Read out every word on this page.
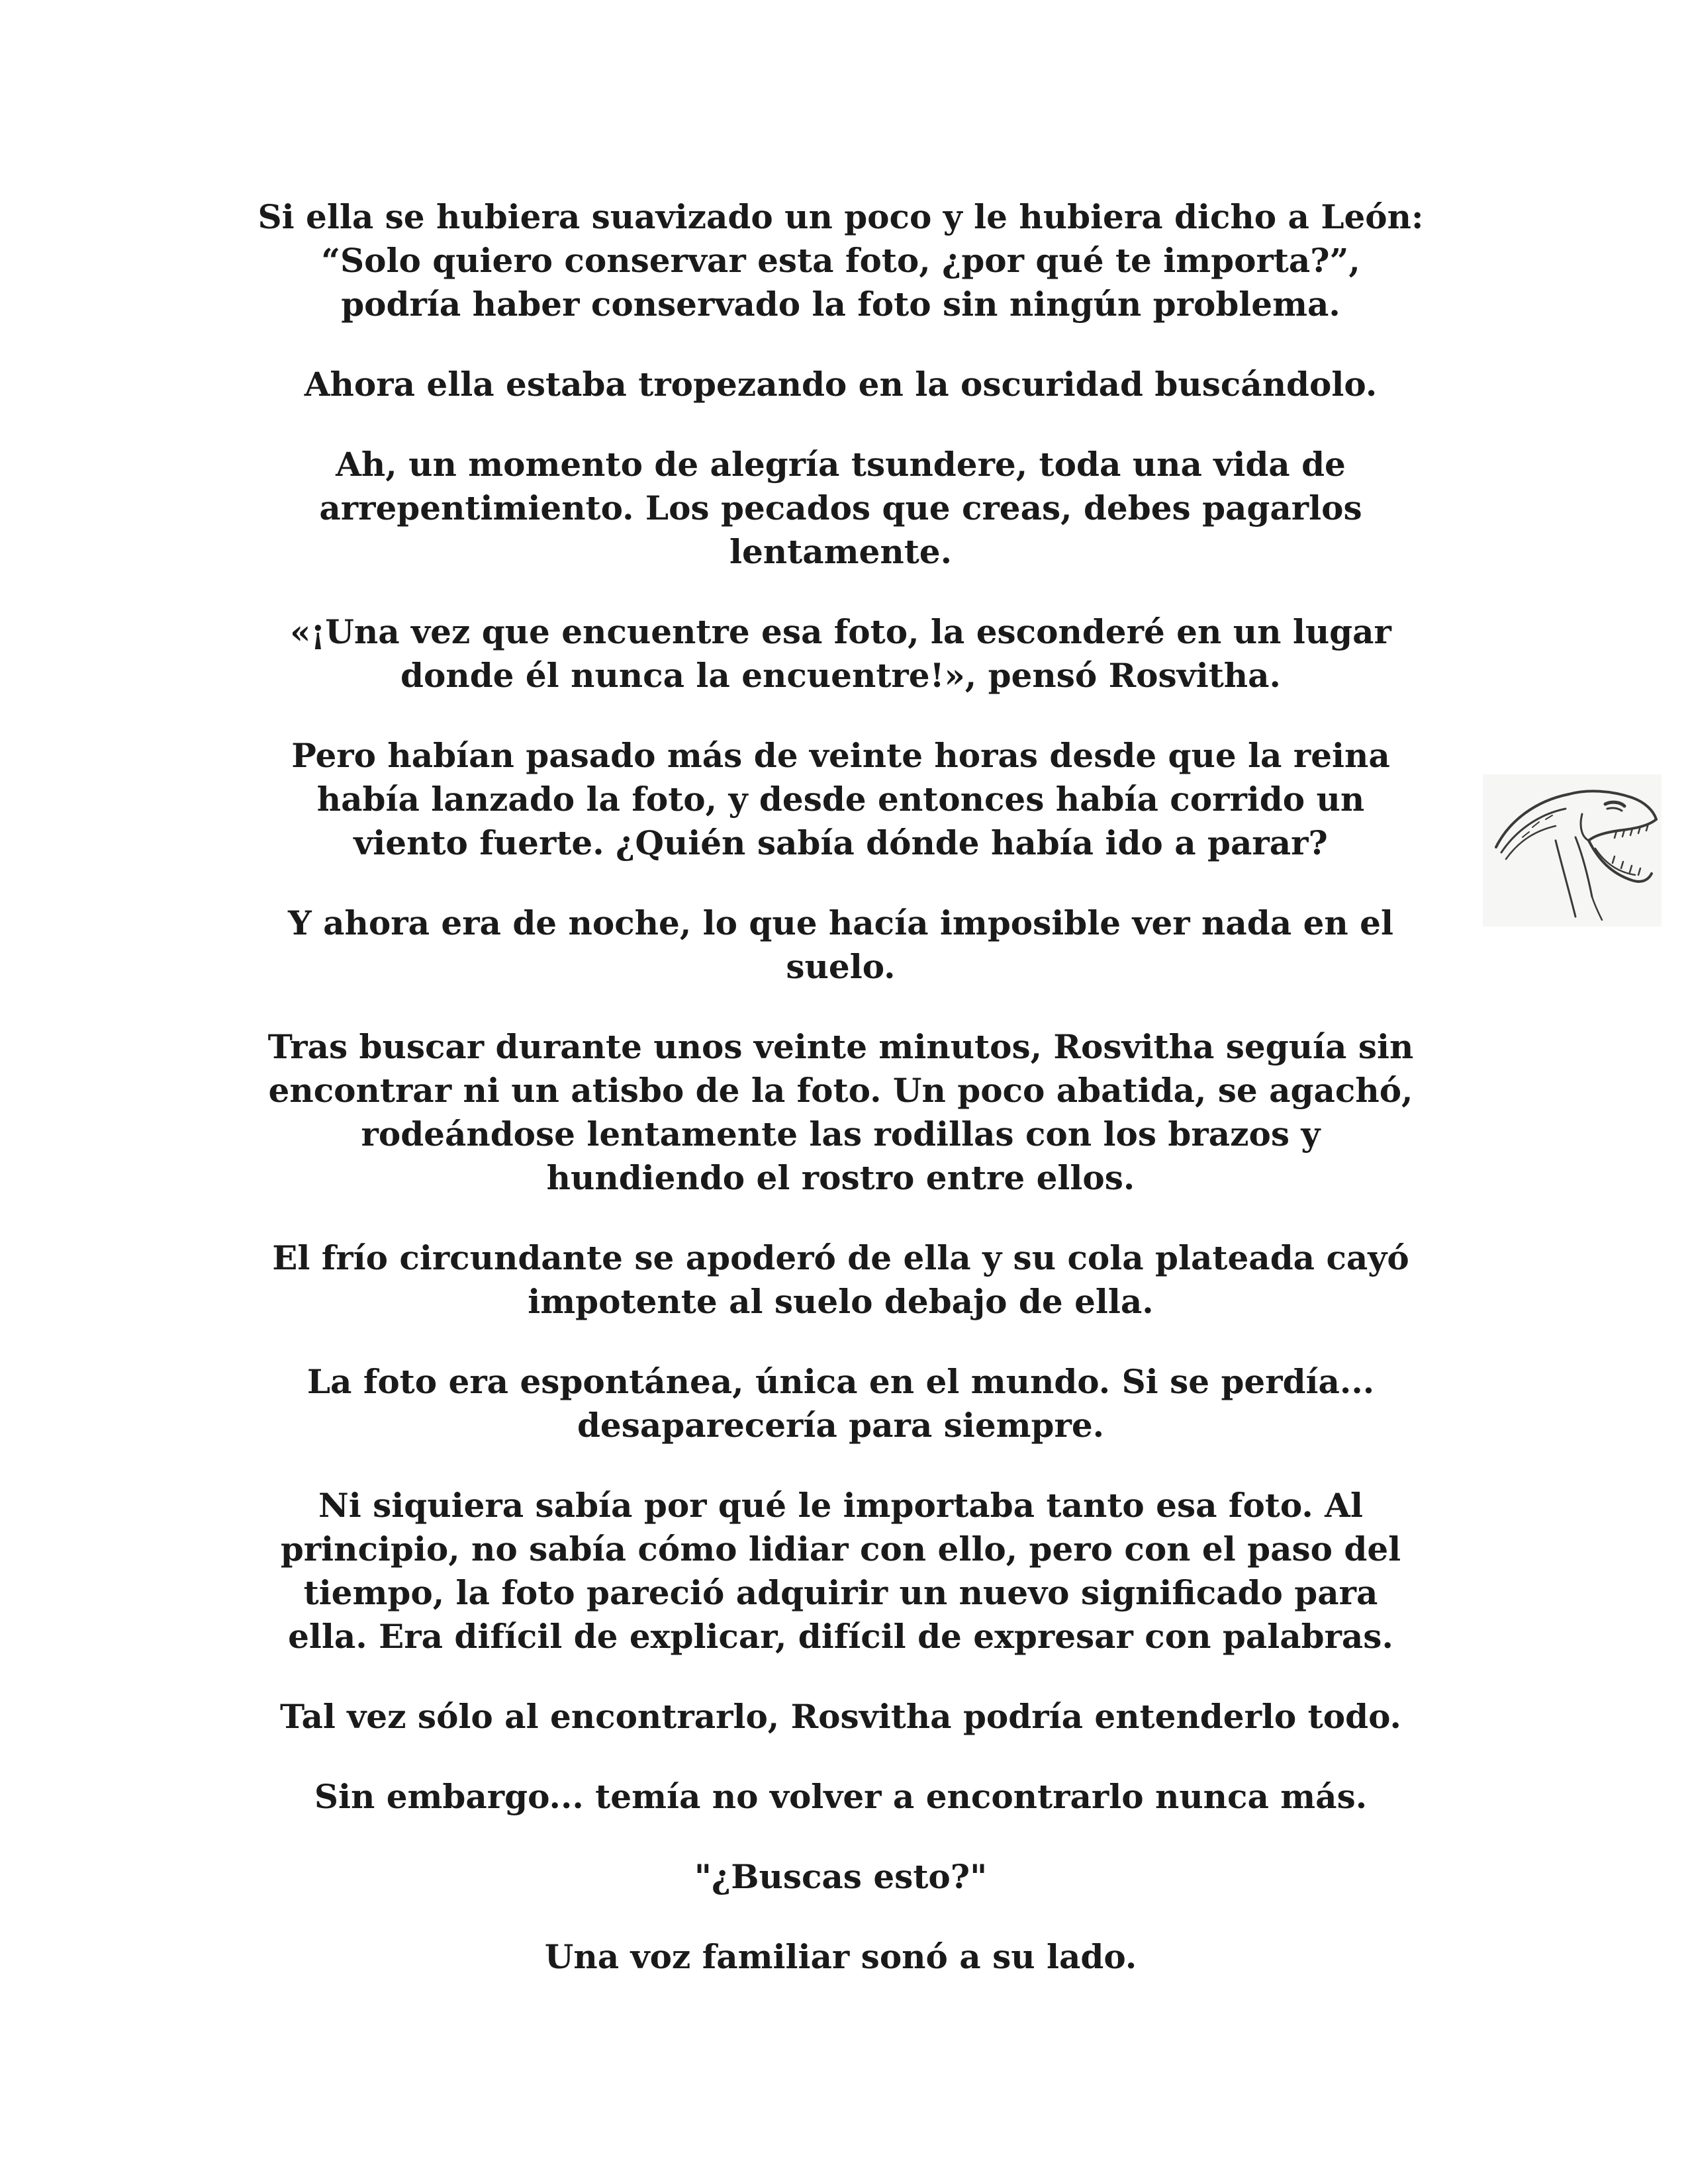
Si ella se hubiera suavizado un poco y le hubiera dicho a León:
“Solo quiero conservar esta foto, ¿por qué te importa?”,
podría haber conservado la foto sin ningún problema.

Ahora ella estaba tropezando en la oscuridad buscándolo.

Ah, un momento de alegría tsundere, toda una vida de
arrepentimiento. Los pecados que creas, debes pagarlos
lentamente.

«¡Una vez que encuentre esa foto, la esconderé en un lugar
donde él nunca la encuentre!», pensó Rosvitha.

Pero habían pasado más de veinte horas desde que la reina
había lanzado la foto, y desde entonces había corrido un
viento fuerte. ¿Quién sabía dónde había ido a parar?

Y ahora era de noche, lo que hacía imposible ver nada en el
suelo.

Tras buscar durante unos veinte minutos, Rosvitha seguía sin
encontrar ni un atisbo de la foto. Un poco abatida, se agachó,
rodeándose lentamente las rodillas con los brazos y
hundiendo el rostro entre ellos.

El frío circundante se apoderó de ella y su cola plateada cayó
impotente al suelo debajo de ella.

La foto era espontánea, única en el mundo. Si se perdía...
desaparecería para siempre.

Ni siquiera sabía por qué le importaba tanto esa foto. Al
principio, no sabía cómo lidiar con ello, pero con el paso del
tiempo, la foto pareció adquirir un nuevo significado para
ella. Era difícil de explicar, difícil de expresar con palabras.

Tal vez sólo al encontrarlo, Rosvitha podría entenderlo todo.

Sin embargo... temía no volver a encontrarlo nunca más.

"¿Buscas esto?"

Una voz familiar sonó a su lado.
